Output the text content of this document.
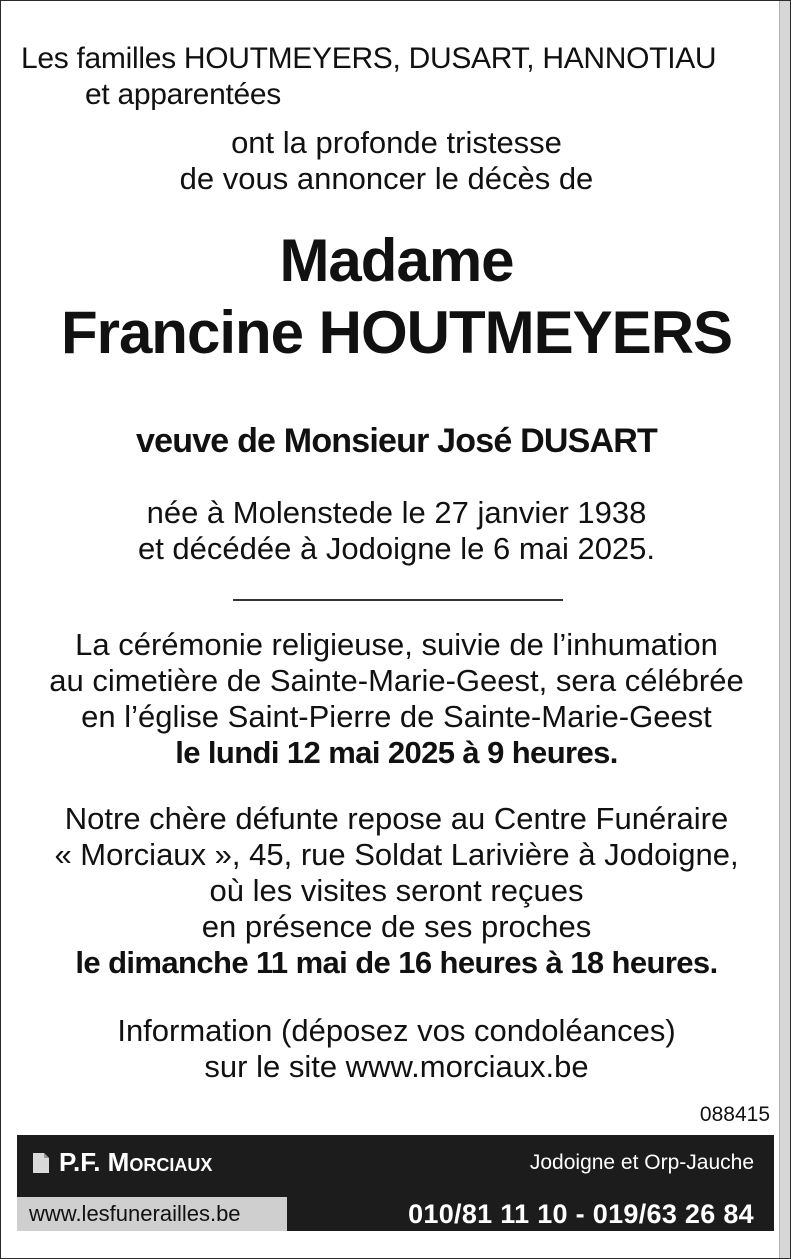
Les familles HOUTMEYERS, DUSART, HANNOTIAU
et apparentées
ont la profonde tristesse
de vous annoncer le décès de
Madame
Francine HOUTMEYERS
veuve de Monsieur José DUSART
née à Molenstede le 27 janvier 1938
et décédée à Jodoigne le 6 mai 2025.
La cérémonie religieuse, suivie de l’inhumation
au cimetière de Sainte-Marie-Geest, sera célébrée
en l’église Saint-Pierre de Sainte-Marie-Geest
le lundi 12 mai 2025 à 9 heures.
Notre chère défunte repose au Centre Funéraire
« Morciaux », 45, rue Soldat Larivière à Jodoigne,
où les visites seront reçues
en présence de ses proches
le dimanche 11 mai de 16 heures à 18 heures.
Information (déposez vos condoléances)
sur le site www.morciaux.be
088415
P.F. Morciaux	Jodoigne et Orp-Jauche
www.lesfunerailles.be	010/81 11 10 - 019/63 26 84
